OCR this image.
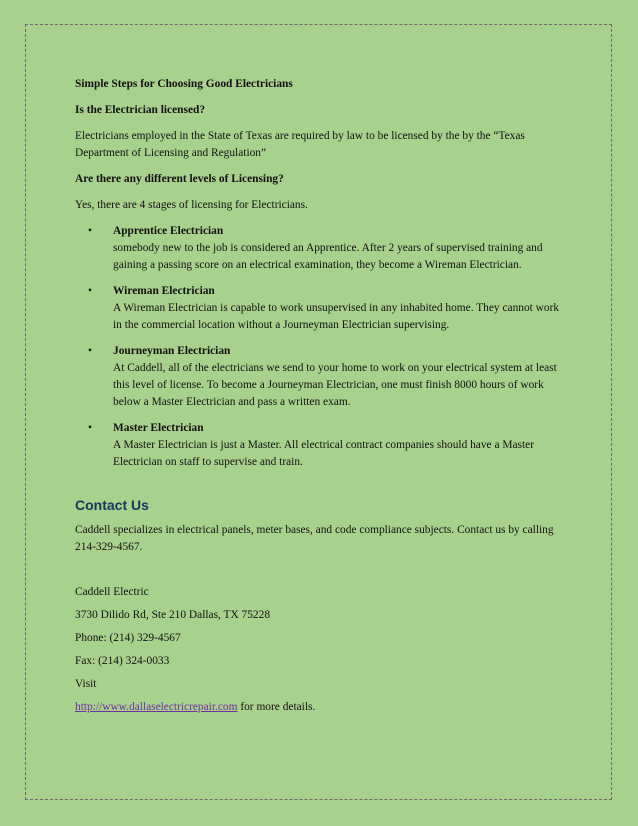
Simple Steps for Choosing Good Electricians

Is the Electrician licensed?

Electricians employed in the State of Texas are required by law to be licensed by the by the “Texas Department of Licensing and Regulation”

Are there any different levels of Licensing?

Yes, there are 4 stages of licensing for Electricians.

• Apprentice Electrician

somebody new to the job is considered an Apprentice. After 2 years of supervised training and gaining a passing score on an electrical examination, they become a Wireman Electrician.

• Wireman Electrician

A Wireman Electrician is capable to work unsupervised in any inhabited home. They cannot work in the commercial location without a Journeyman Electrician supervising.

• Journeyman Electrician

At Caddell, all of the electricians we send to your home to work on your electrical system at least this level of license. To become a Journeyman Electrician, one must finish 8000 hours of work below a Master Electrician and pass a written exam.

• Master Electrician

A Master Electrician is just a Master. All electrical contract companies should have a Master Electrician on staff to supervise and train.

Contact Us

Caddell specializes in electrical panels, meter bases, and code compliance subjects. Contact us by calling 214-329-4567.

Caddell Electric

3730 Dilido Rd, Ste 210 Dallas, TX 75228

Phone: (214) 329-4567

Fax: (214) 324-0033

Visit

http://www.dallaselectricrepair.com for more details.
